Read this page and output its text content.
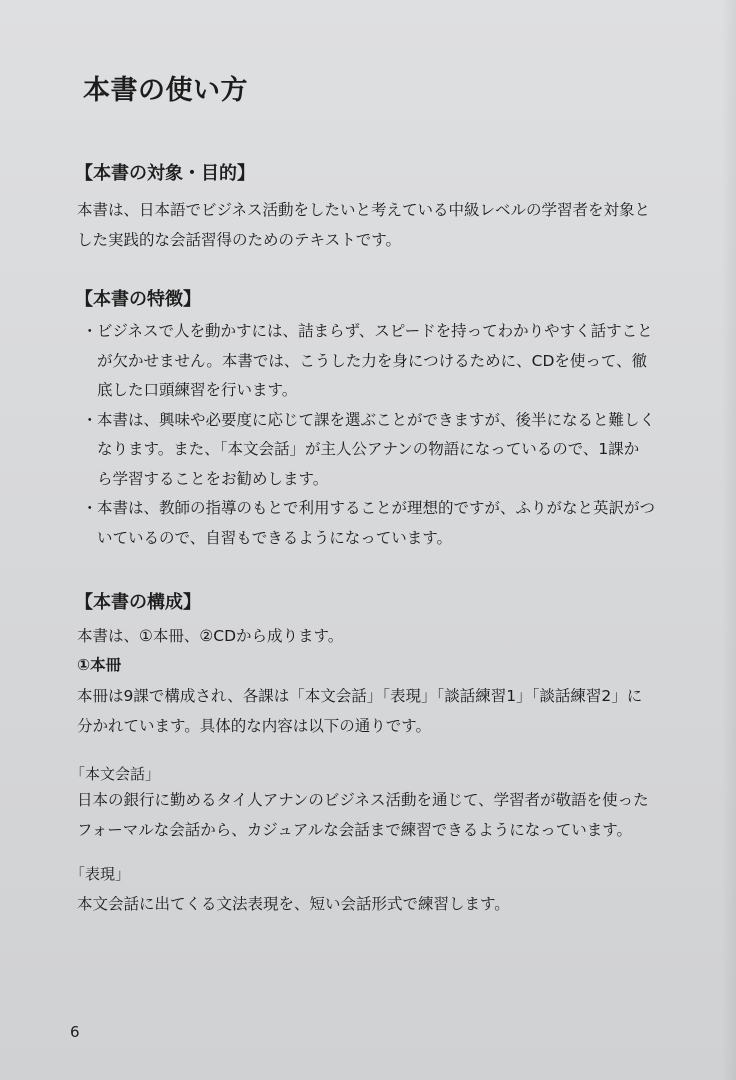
本書の使い方
【本書の対象・目的】
本書は、日本語でビジネス活動をしたいと考えている中級レベルの学習者を対象と
した実践的な会話習得のためのテキストです。
【本書の特徴】
・ ビジネスで人を動かすには、詰まらず、スピードを持ってわかりやすく話すこと
が欠かせません。本書では、こうした力を身につけるために、CDを使って、徹
底した口頭練習を行います。
・ 本書は、興味や必要度に応じて課を選ぶことができますが、後半になると難しく
なります。また、「本文会話」が主人公アナンの物語になっているので、1課か
ら学習することをお勧めします。
・ 本書は、教師の指導のもとで利用することが理想的ですが、ふりがなと英訳がつ
いているので、自習もできるようになっています。
【本書の構成】
本書は、①本冊、②CDから成ります。
①本冊
本冊は9課で構成され、各課は「本文会話」「表現」「談話練習1」「談話練習2」に
分かれています。具体的な内容は以下の通りです。
「本文会話」
日本の銀行に勤めるタイ人アナンのビジネス活動を通じて、学習者が敬語を使った
フォーマルな会話から、カジュアルな会話まで練習できるようになっています。
「表現」
本文会話に出てくる文法表現を、短い会話形式で練習します。
6
